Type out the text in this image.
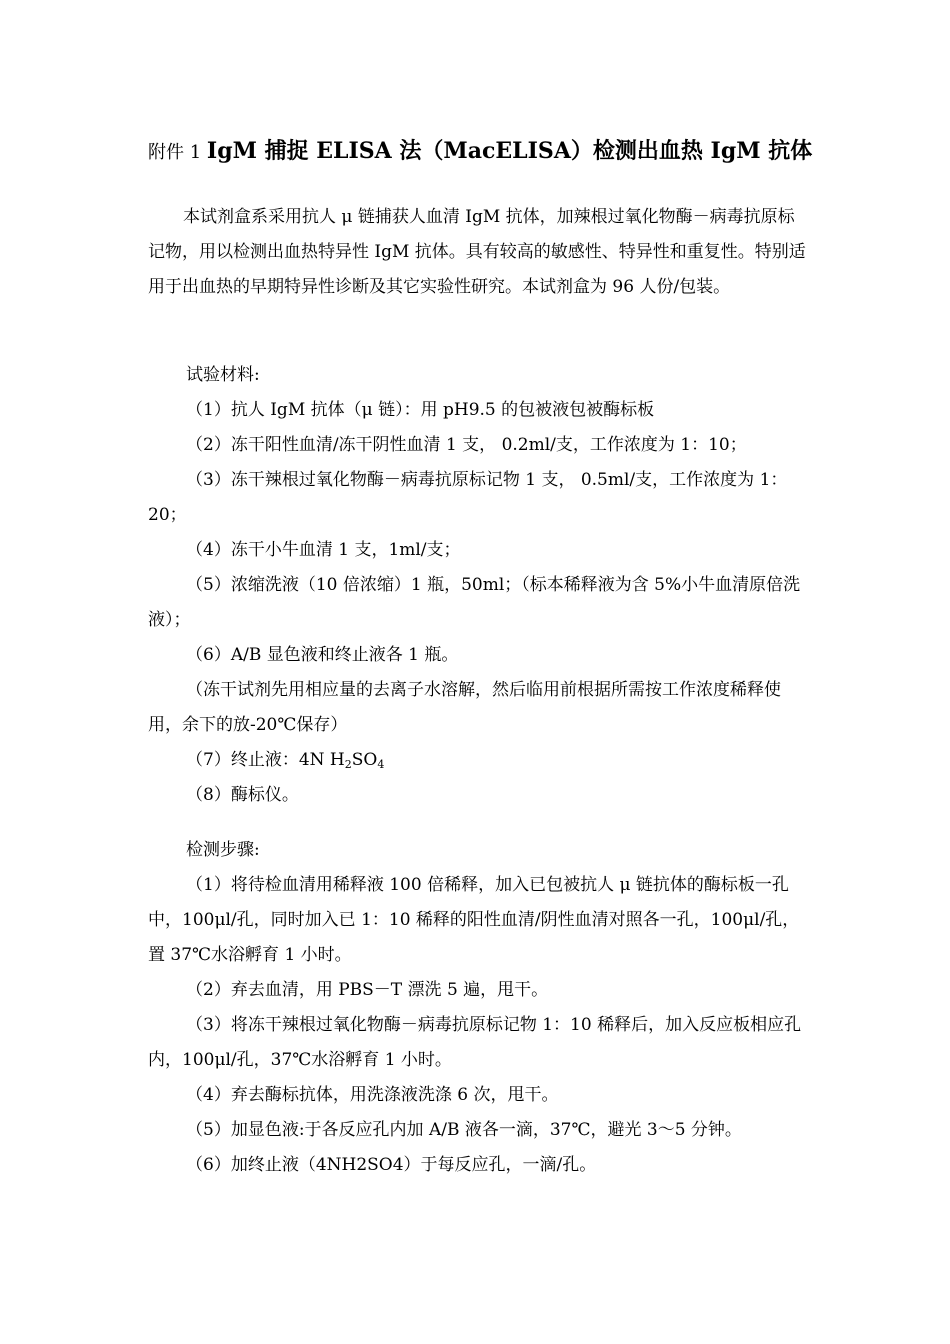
附件 1 IgM 捕捉 ELISA 法（MacELISA）检测出血热 IgM 抗体

本试剂盒系采用抗人 μ 链捕获人血清 IgM 抗体，加辣根过氧化物酶－病毒抗原标记物，用以检测出血热特异性 IgM 抗体。具有较高的敏感性、特异性和重复性。特别适用于出血热的早期特异性诊断及其它实验性研究。本试剂盒为 96 人份/包装。

试验材料:
（1）抗人 IgM 抗体（μ 链）：用 pH9.5 的包被液包被酶标板
（2）冻干阳性血清/冻干阴性血清 1 支， 0.2ml/支，工作浓度为 1：10；

（3）冻干辣根过氧化物酶－病毒抗原标记物 1 支， 0.5ml/支，工作浓度为 1：20；

（4）冻干小牛血清 1 支，1ml/支；

（5）浓缩洗液（10 倍浓缩）1 瓶，50ml；（标本稀释液为含 5%小牛血清原倍洗液）；

（6）A/B 显色液和终止液各 1 瓶。

（冻干试剂先用相应量的去离子水溶解，然后临用前根据所需按工作浓度稀释使用，余下的放-20℃保存）

（7）终止液：4N $H_2SO_4$
（8）酶标仪。
检测步骤:

（1）将待检血清用稀释液 100 倍稀释，加入已包被抗人 μ 链抗体的酶标板一孔中，100μl/孔，同时加入已 1：10 稀释的阳性血清/阴性血清对照各一孔，100μl/孔，置 37℃水浴孵育 1 小时。

（2）弃去血清，用 PBS－T 漂洗 5 遍，甩干。

（3）将冻干辣根过氧化物酶－病毒抗原标记物 1：10 稀释后，加入反应板相应孔内，100μl/孔，37℃水浴孵育 1 小时。

（4）弃去酶标抗体，用洗涤液洗涤 6 次，甩干。
（5）加显色液:于各反应孔内加 A/B 液各一滴，37℃，避光 3～5 分钟。
（6）加终止液（4NH2SO4）于每反应孔，一滴/孔。
